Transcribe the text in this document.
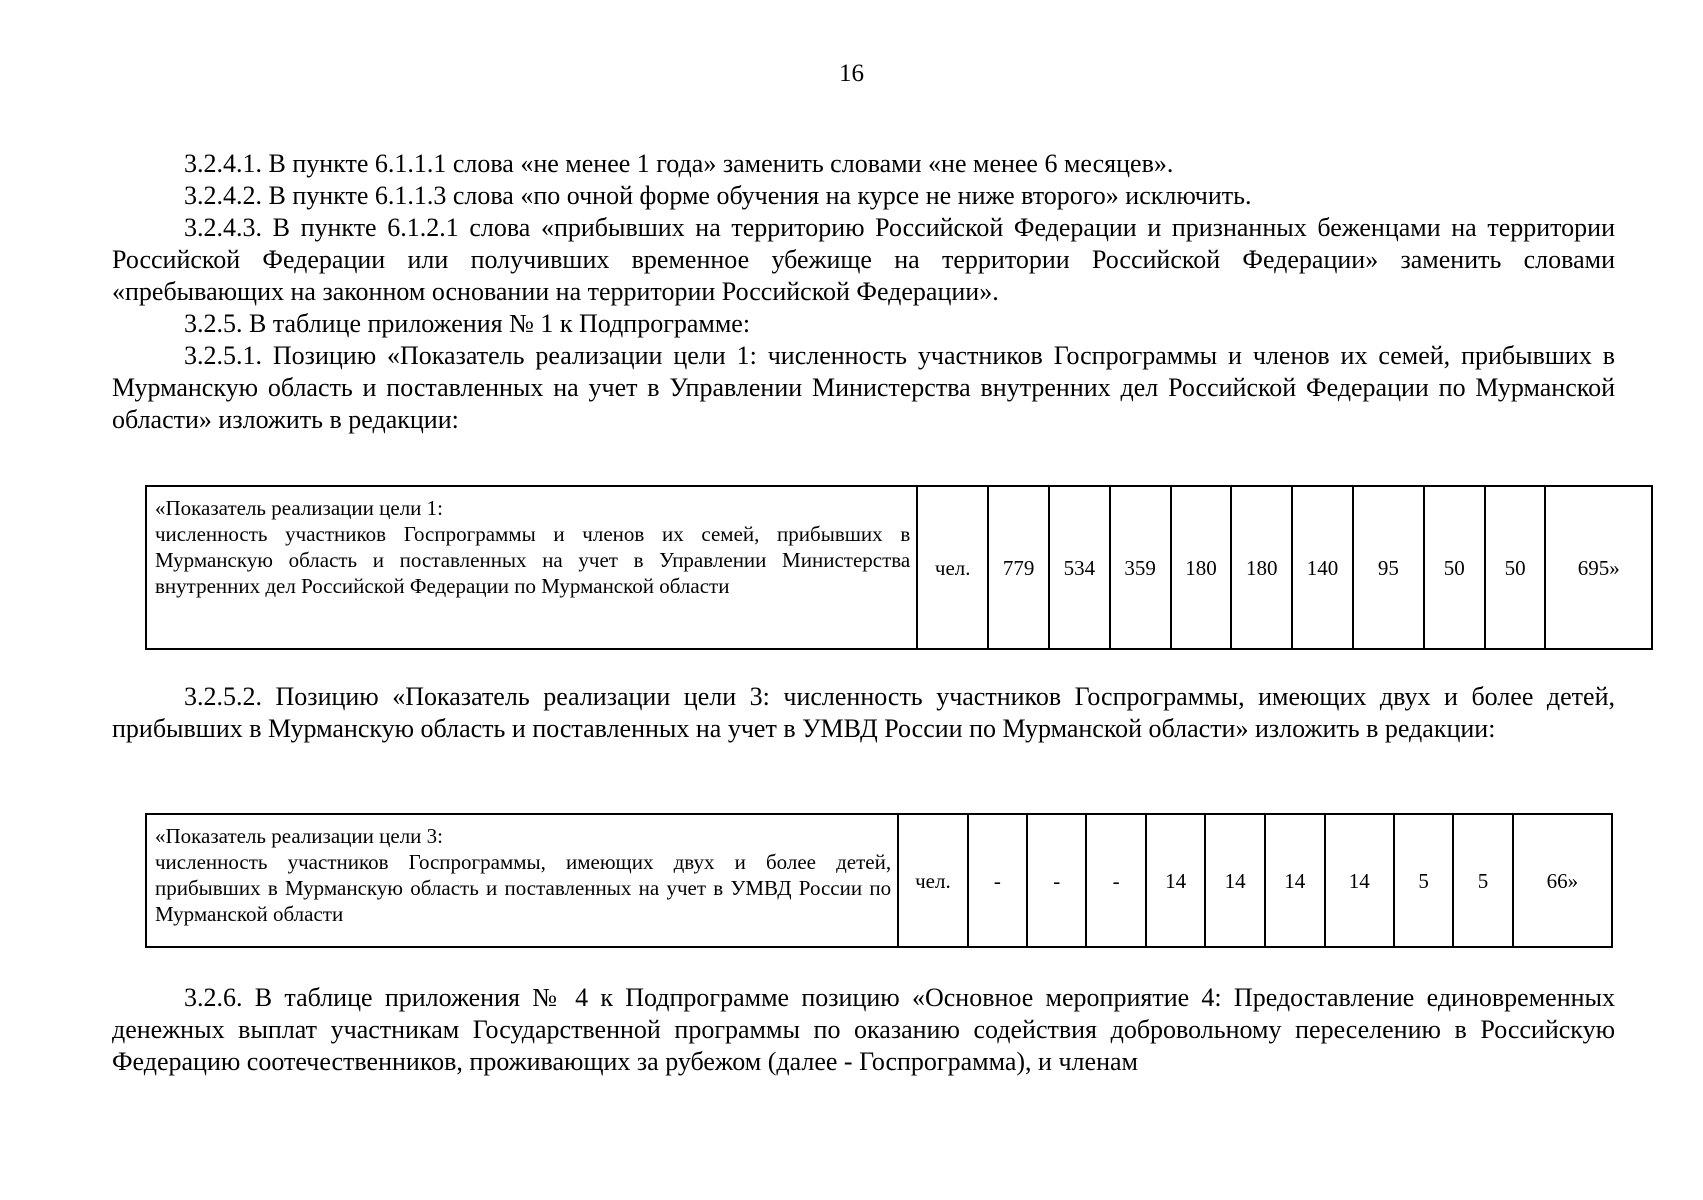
16
3.2.4.1. В пункте 6.1.1.1 слова «не менее 1 года» заменить словами «не менее 6 месяцев».
3.2.4.2. В пункте 6.1.1.3 слова «по очной форме обучения на курсе не ниже второго» исключить.
3.2.4.3. В пункте 6.1.2.1 слова «прибывших на территорию Российской Федерации и признанных беженцами на территории Российской Федерации или получивших временное убежище на территории Российской Федерации» заменить словами «пребывающих на законном основании на территории Российской Федерации».
3.2.5. В таблице приложения № 1 к Подпрограмме:
3.2.5.1. Позицию «Показатель реализации цели 1: численность участников Госпрограммы и членов их семей, прибывших в Мурманскую область и поставленных на учет в Управлении Министерства внутренних дел Российской Федерации по Мурманской области» изложить в редакции:
«Показатель реализации цели 1:
численность участников Госпрограммы и членов их семей, прибывших в Мурманскую область и поставленных на учет в Управлении Министерства внутренних дел Российской Федерации по Мурманской области
	чел.	779	534	359	180	180	140	95	50	50	695»
3.2.5.2. Позицию «Показатель реализации цели 3: численность участников Госпрограммы, имеющих двух и более детей, прибывших в Мурманскую область и поставленных на учет в УМВД России по Мурманской области» изложить в редакции:
«Показатель реализации цели 3:
численность участников Госпрограммы, имеющих двух и более детей, прибывших в Мурманскую область и поставленных на учет в УМВД России по Мурманской области
	чел.	-	-	-	14	14	14	14	5	5	66»
3.2.6. В таблице приложения № 4 к Подпрограмме позицию «Основное мероприятие 4: Предоставление единовременных денежных выплат участникам Государственной программы по оказанию содействия добровольному переселению в Российскую Федерацию соотечественников, проживающих за рубежом (далее - Госпрограмма), и членам
